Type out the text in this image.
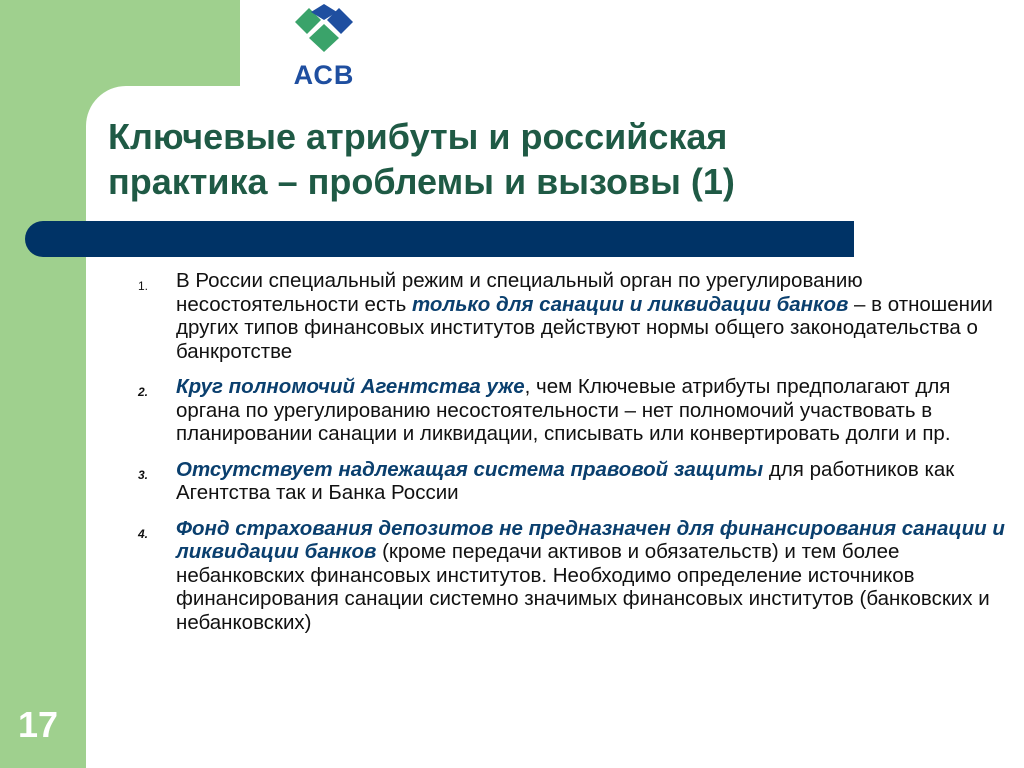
АСВ
Ключевые атрибуты и российская
практика – проблемы и вызовы (1)
1.	В России специальный режим и специальный орган по урегулированию несостоятельности есть только для санации и ликвидации банков – в отношении других типов финансовых институтов действуют нормы общего законодательства о банкротстве
2.	Круг полномочий Агентства уже, чем Ключевые атрибуты предполагают для органа по урегулированию несостоятельности – нет полномочий участвовать в планировании санации и ликвидации, списывать или конвертировать долги и пр.
3.	Отсутствует надлежащая система правовой защиты для работников как Агентства так и Банка России
4.	Фонд страхования депозитов не предназначен для финансирования санации и ликвидации банков (кроме передачи активов и обязательств) и тем более небанковских финансовых институтов. Необходимо определение источников финансирования санации системно значимых финансовых институтов (банковских и небанковских)
17
